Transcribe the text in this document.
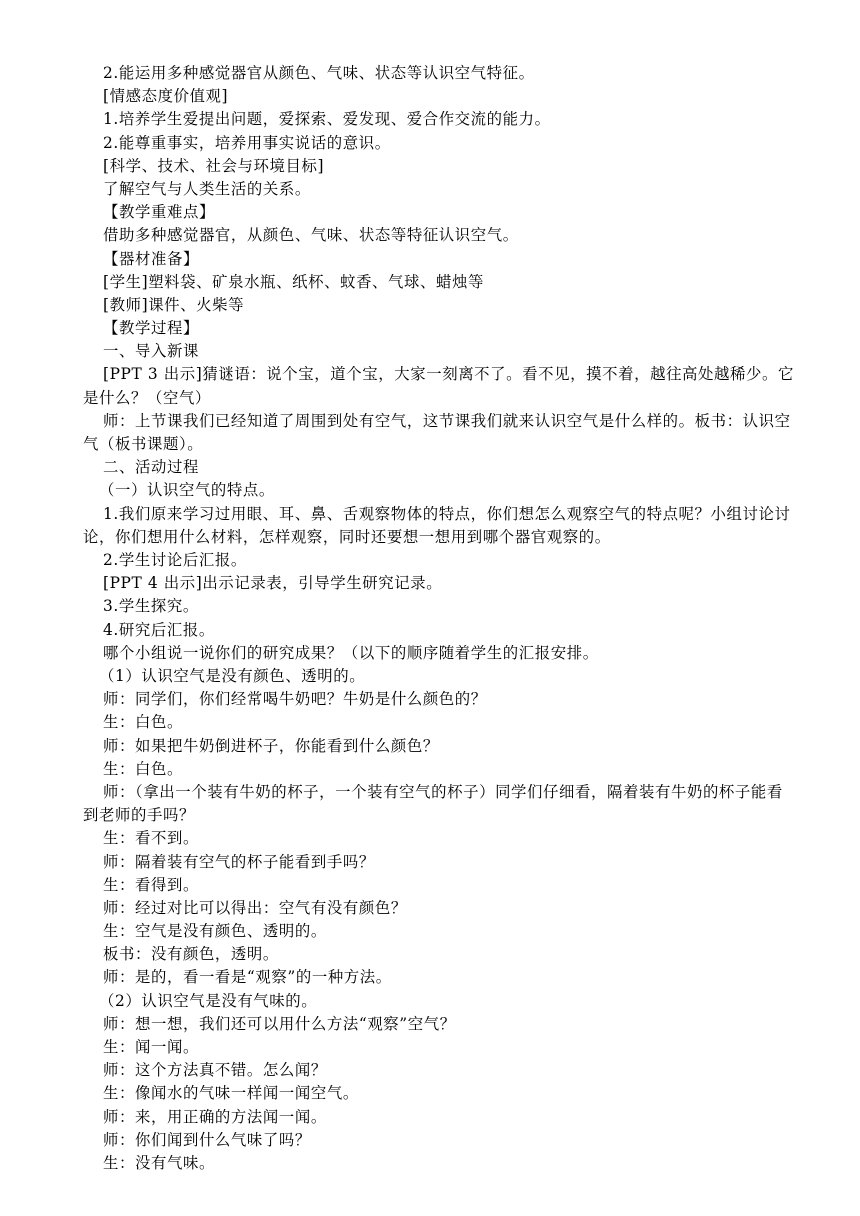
2.能运用多种感觉器官从颜色、气味、状态等认识空气特征。
[情感态度价值观]
1.培养学生爱提出问题，爱探索、爱发现、爱合作交流的能力。
2.能尊重事实，培养用事实说话的意识。
[科学、技术、社会与环境目标]
了解空气与人类生活的关系。
【教学重难点】
借助多种感觉器官，从颜色、气味、状态等特征认识空气。
【器材准备】
[学生]塑料袋、矿泉水瓶、纸杯、蚊香、气球、蜡烛等
[教师]课件、火柴等
【教学过程】
一、导入新课
[PPT 3 出示]猜谜语：说个宝，道个宝，大家一刻离不了。看不见，摸不着，越往高处越稀少。它是什么？（空气）
师：上节课我们已经知道了周围到处有空气，这节课我们就来认识空气是什么样的。板书：认识空气（板书课题）。
二、活动过程
（一）认识空气的特点。
1.我们原来学习过用眼、耳、鼻、舌观察物体的特点，你们想怎么观察空气的特点呢？小组讨论讨论，你们想用什么材料，怎样观察，同时还要想一想用到哪个器官观察的。
2.学生讨论后汇报。
[PPT 4 出示]出示记录表，引导学生研究记录。
3.学生探究。
4.研究后汇报。
哪个小组说一说你们的研究成果？（以下的顺序随着学生的汇报安排。
（1）认识空气是没有颜色、透明的。
师：同学们，你们经常喝牛奶吧？牛奶是什么颜色的？
生：白色。
师：如果把牛奶倒进杯子，你能看到什么颜色？
生：白色。
师：（拿出一个装有牛奶的杯子，一个装有空气的杯子）同学们仔细看，隔着装有牛奶的杯子能看到老师的手吗？
生：看不到。
师：隔着装有空气的杯子能看到手吗？
生：看得到。
师：经过对比可以得出：空气有没有颜色？
生：空气是没有颜色、透明的。
板书：没有颜色，透明。
师：是的，看一看是“观察”的一种方法。
（2）认识空气是没有气味的。
师：想一想，我们还可以用什么方法“观察”空气？
生：闻一闻。
师：这个方法真不错。怎么闻？
生：像闻水的气味一样闻一闻空气。
师：来，用正确的方法闻一闻。
师：你们闻到什么气味了吗？
生：没有气味。
